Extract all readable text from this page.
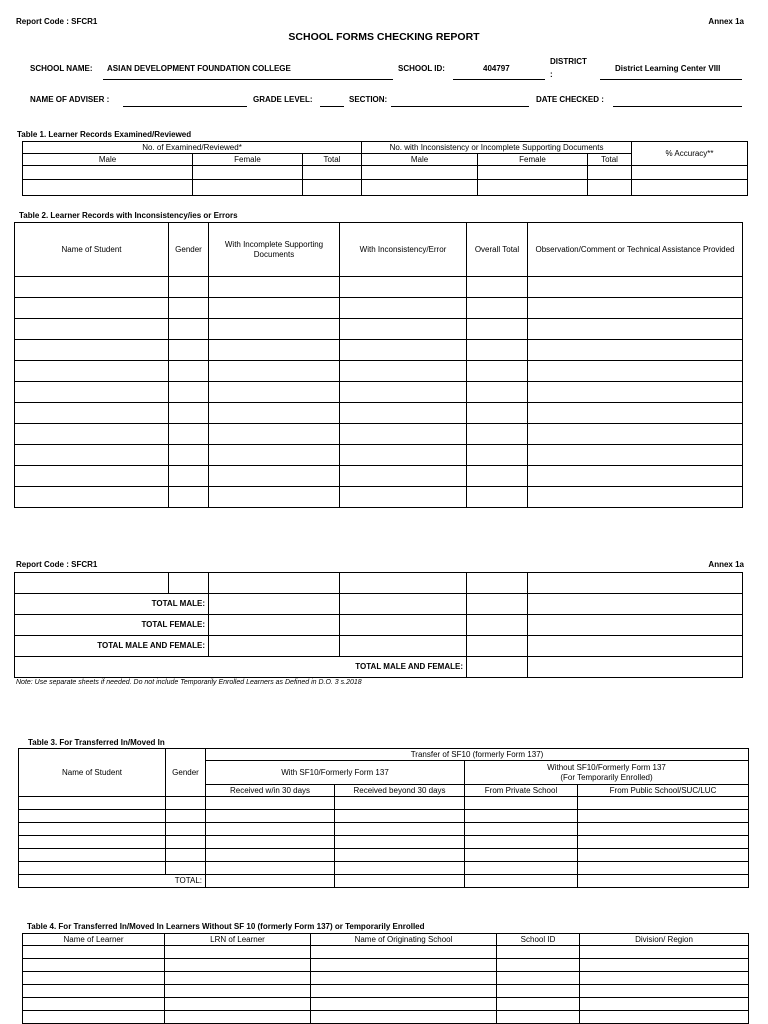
Report Code : SFCR1	Annex 1a
SCHOOL FORMS CHECKING REPORT
SCHOOL NAME: ASIAN DEVELOPMENT FOUNDATION COLLEGE	SCHOOL ID:	404797
DISTRICT
:
District Learning Center VIII
NAME OF ADVISER :	GRADE LEVEL:	SECTION:	DATE CHECKED :
Table 1. Learner Records Examined/Reviewed
No. of Examined/Reviewed*			No. with Inconsistency or Incomplete Supporting Documents			% Accuracy**
Male	Female	Total	Male	Female	Total	

Table 2. Learner Records with Inconsistency/ies or Errors
Name of Student	Gender	With Incomplete Supporting Documents	With Inconsistency/Error	Overall Total	Observation/Comment or Technical Assistance Provided

Report Code : SFCR1	Annex 1a

TOTAL MALE:					
TOTAL FEMALE:					
TOTAL MALE AND FEMALE:					
TOTAL MALE AND FEMALE:					
Note: Use separate sheets if needed. Do not include Temporarily Enrolled Learners as Defined in D.O. 3 s.2018
Table 3. For Transferred In/Moved In
Name of Student	Gender	Transfer of SF10 (formerly Form 137)			
		With SF10/Formerly Form 137		Without SF10/Formerly Form 137
(For Temporarily Enrolled)	

		Received w/in 30 days	Received beyond 30 days	From Private School	From Public School/SUC/LUC

TOTAL:					
Table 4. For Transferred In/Moved In Learners Without SF 10 (formerly Form 137) or Temporarily Enrolled
Name of Learner	LRN of Learner	Name of Originating School	School ID	Division/ Region
